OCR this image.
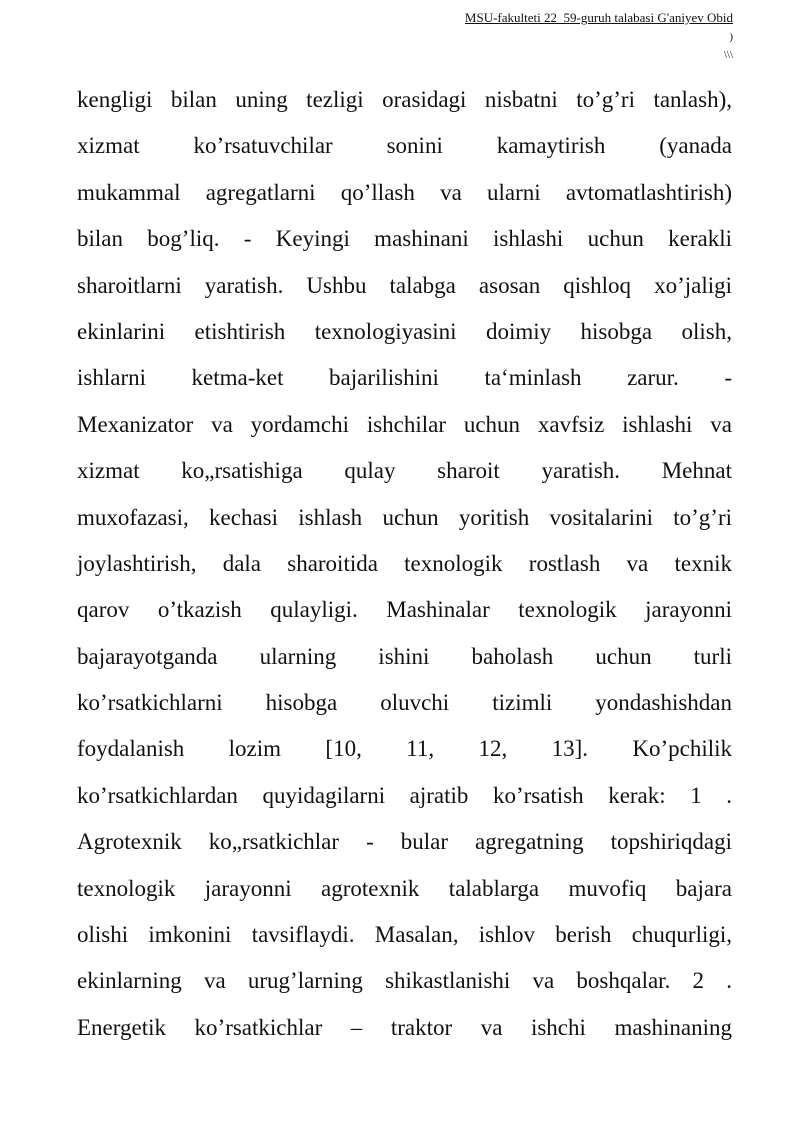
MSU-fakulteti 22_59-guruh talabasi G'aniyev Obid
)
\\\
kengligi bilan uning tezligi orasidagi nisbatni to’g’ri tanlash),
xizmat ko’rsatuvchilar sonini kamaytirish (yanada
mukammal agregatlarni qo’llash va ularni avtomatlashtirish)
bilan bog’liq. - Keyingi mashinani ishlashi uchun kerakli
sharoitlarni yaratish. Ushbu talabga asosan qishloq xo’jaligi
ekinlarini etishtirish texnologiyasini doimiy hisobga olish,
ishlarni ketma-ket bajarilishini ta‘minlash zarur. -
Mexanizator va yordamchi ishchilar uchun xavfsiz ishlashi va
xizmat ko„rsatishiga qulay sharoit yaratish. Mehnat
muxofazasi, kechasi ishlash uchun yoritish vositalarini to’g’ri
joylashtirish, dala sharoitida texnologik rostlash va texnik
qarov o’tkazish qulayligi. Mashinalar texnologik jarayonni
bajarayotganda ularning ishini baholash uchun turli
ko’rsatkichlarni hisobga oluvchi tizimli yondashishdan
foydalanish lozim [10, 11, 12, 13]. Ko’pchilik
ko’rsatkichlardan quyidagilarni ajratib ko’rsatish kerak: 1 .
Agrotexnik ko„rsatkichlar - bular agregatning topshiriqdagi
texnologik jarayonni agrotexnik talablarga muvofiq bajara
olishi imkonini tavsiflaydi. Masalan, ishlov berish chuqurligi,
ekinlarning va urug’larning shikastlanishi va boshqalar. 2 .
Energetik ko’rsatkichlar – traktor va ishchi mashinaning
